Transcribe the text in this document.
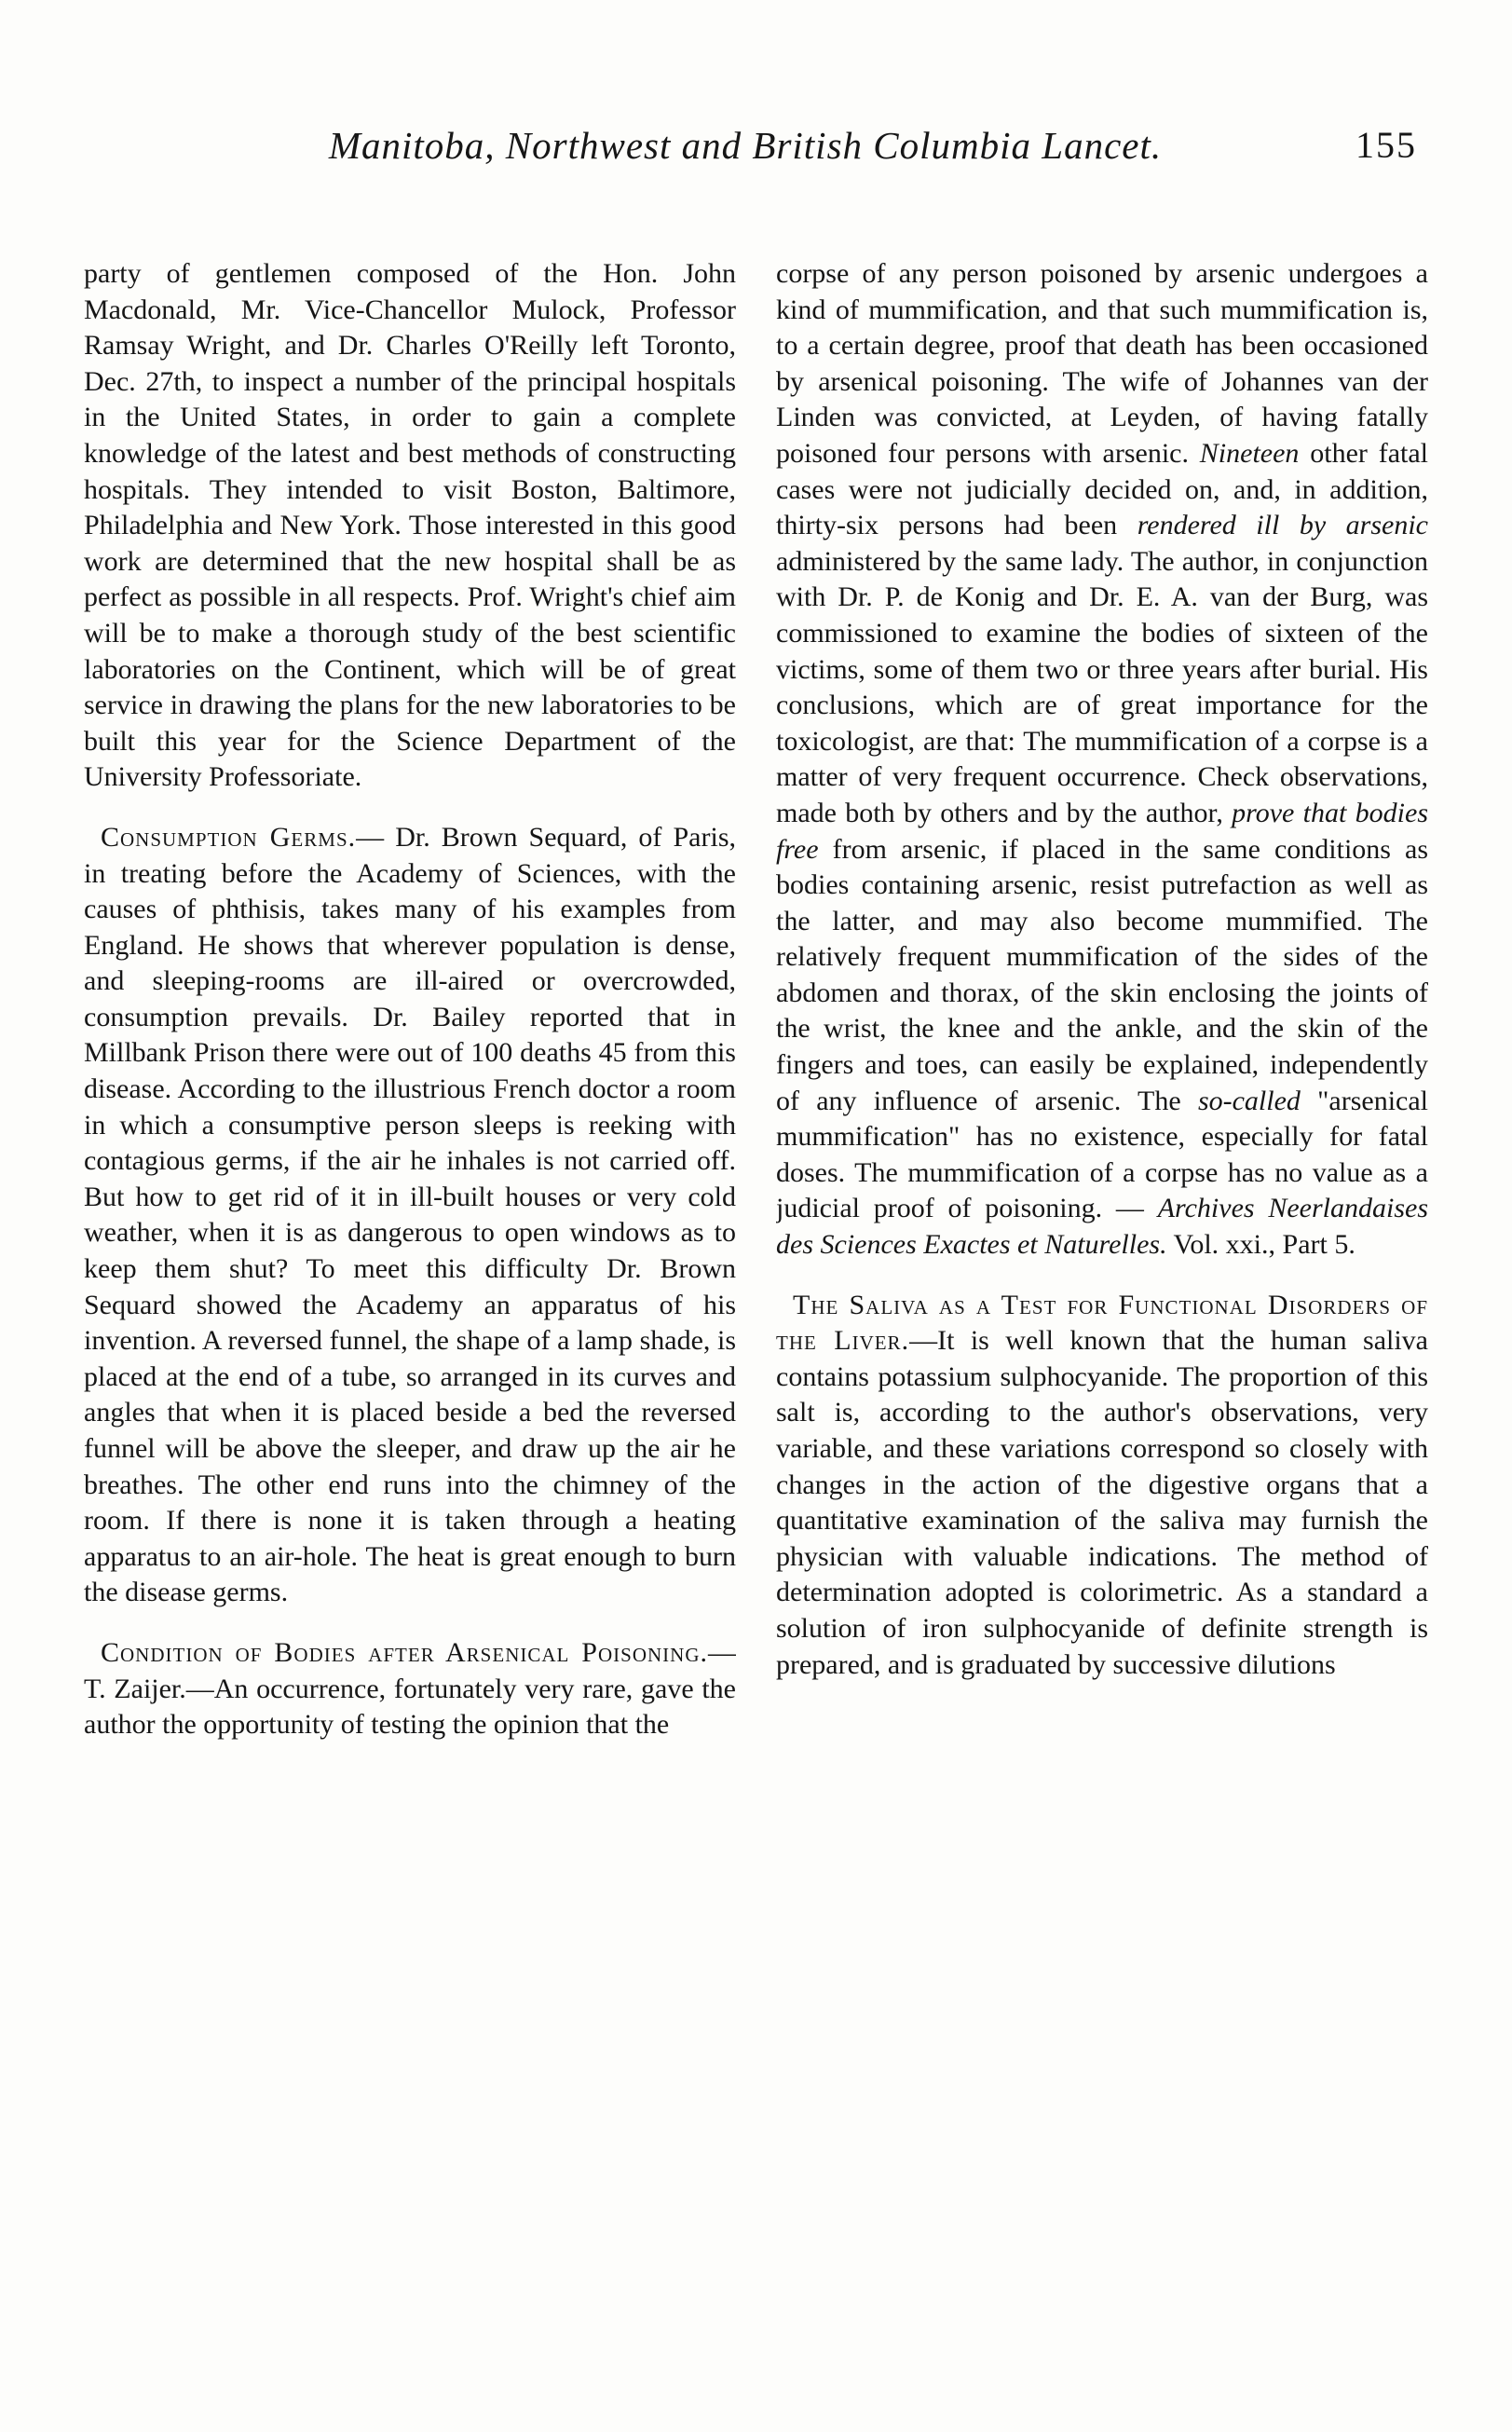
Manitoba, Northwest and British Columbia Lancet.	155

party of gentlemen composed of the Hon. John Macdonald, Mr. Vice-Chancellor Mulock, Professor Ramsay Wright, and Dr. Charles O'Reilly left Toronto, Dec. 27th, to inspect a number of the principal hospitals in the United States, in order to gain a complete knowledge of the latest and best methods of constructing hospitals. They intended to visit Boston, Baltimore, Philadelphia and New York. Those interested in this good work are determined that the new hospital shall be as perfect as possible in all respects. Prof. Wright's chief aim will be to make a thorough study of the best scientific laboratories on the Continent, which will be of great service in drawing the plans for the new laboratories to be built this year for the Science Department of the University Professoriate.

Consumption Germs.— Dr. Brown Sequard, of Paris, in treating before the Academy of Sciences, with the causes of phthisis, takes many of his examples from England. He shows that wherever population is dense, and sleeping-rooms are ill-aired or overcrowded, consumption prevails. Dr. Bailey reported that in Millbank Prison there were out of 100 deaths 45 from this disease. According to the illustrious French doctor a room in which a consumptive person sleeps is reeking with contagious germs, if the air he inhales is not carried off. But how to get rid of it in ill-built houses or very cold weather, when it is as dangerous to open windows as to keep them shut? To meet this difficulty Dr. Brown Sequard showed the Academy an apparatus of his invention. A reversed funnel, the shape of a lamp shade, is placed at the end of a tube, so arranged in its curves and angles that when it is placed beside a bed the reversed funnel will be above the sleeper, and draw up the air he breathes. The other end runs into the chimney of the room. If there is none it is taken through a heating apparatus to an air-hole. The heat is great enough to burn the disease germs.

Condition of Bodies after Arsenical Poisoning.—T. Zaijer.—An occurrence, fortunately very rare, gave the author the opportunity of testing the opinion that the

corpse of any person poisoned by arsenic undergoes a kind of mummification, and that such mummification is, to a certain degree, proof that death has been occasioned by arsenical poisoning. The wife of Johannes van der Linden was convicted, at Leyden, of having fatally poisoned four persons with arsenic. Nineteen other fatal cases were not judicially decided on, and, in addition, thirty-six persons had been rendered ill by arsenic administered by the same lady. The author, in conjunction with Dr. P. de Konig and Dr. E. A. van der Burg, was commissioned to examine the bodies of sixteen of the victims, some of them two or three years after burial. His conclusions, which are of great importance for the toxicologist, are that: The mummification of a corpse is a matter of very frequent occurrence. Check observations, made both by others and by the author, prove that bodies free from arsenic, if placed in the same conditions as bodies containing arsenic, resist putrefaction as well as the latter, and may also become mummified. The relatively frequent mummification of the sides of the abdomen and thorax, of the skin enclosing the joints of the wrist, the knee and the ankle, and the skin of the fingers and toes, can easily be explained, independently of any influence of arsenic. The so-called "arsenical mummification" has no existence, especially for fatal doses. The mummification of a corpse has no value as a judicial proof of poisoning. — Archives Neerlandaises des Sciences Exactes et Naturelles. Vol. xxi., Part 5.

The Saliva as a Test for Functional Disorders of the Liver.—It is well known that the human saliva contains potassium sulphocyanide. The proportion of this salt is, according to the author's observations, very variable, and these variations correspond so closely with changes in the action of the digestive organs that a quantitative examination of the saliva may furnish the physician with valuable indications. The method of determination adopted is colorimetric. As a standard a solution of iron sulphocyanide of definite strength is prepared, and is graduated by successive dilutions
